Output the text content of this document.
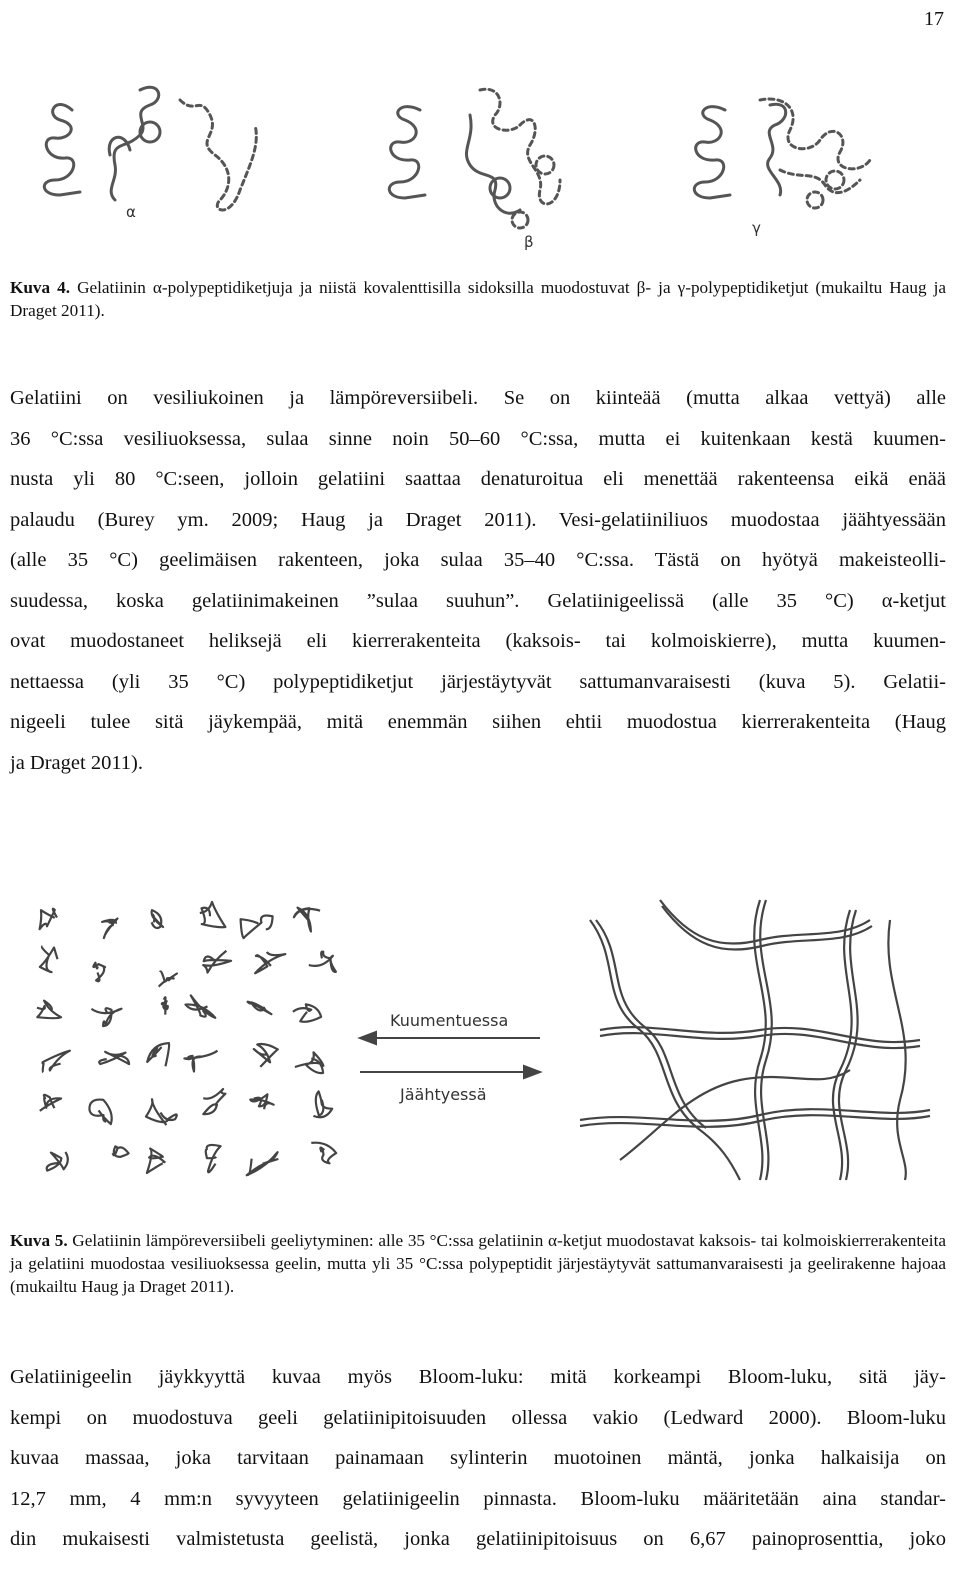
17
α
β
γ
Kuva 4. Gelatiinin α-polypeptidiketjuja ja niistä kovalenttisilla sidoksilla muodostuvat β- ja γ-polypeptidiketjut (mukailtu Haug ja Draget 2011).

Gelatiini on vesiliukoinen ja lämpöreversiibeli. Se on kiinteää (mutta alkaa vettyä) alle

36 °C:ssa vesiliuoksessa, sulaa sinne noin 50–60 °C:ssa, mutta ei kuitenkaan kestä kuumen-

nusta yli 80 °C:seen, jolloin gelatiini saattaa denaturoitua eli menettää rakenteensa eikä enää

palaudu (Burey ym. 2009; Haug ja Draget 2011). Vesi-gelatiiniliuos muodostaa jäähtyessään

(alle 35 °C) geelimäisen rakenteen, joka sulaa 35–40 °C:ssa. Tästä on hyötyä makeisteolli-

suudessa, koska gelatiinimakeinen ”sulaa suuhun”. Gelatiinigeelissä (alle 35 °C) α-ketjut

ovat muodostaneet heliksejä eli kierrerakenteita (kaksois- tai kolmoiskierre), mutta kuumen-

nettaessa (yli 35 °C) polypeptidiketjut järjestäytyvät sattumanvaraisesti (kuva 5). Gelatii-

nigeeli tulee sitä jäykempää, mitä enemmän siihen ehtii muodostua kierrerakenteita (Haug

ja Draget 2011).

Kuumentuessa
Jäähtyessä
Kuva 5. Gelatiinin lämpöreversiibeli geeliytyminen: alle 35 °C:ssa gelatiinin α-ketjut muodostavat kaksois- tai kolmoiskierrerakenteita ja gelatiini muodostaa vesiliuoksessa geelin, mutta yli 35 °C:ssa polypeptidit järjestäytyvät sattumanvaraisesti ja geelirakenne hajoaa (mukailtu Haug ja Draget 2011).

Gelatiinigeelin jäykkyyttä kuvaa myös Bloom-luku: mitä korkeampi Bloom-luku, sitä jäy-

kempi on muodostuva geeli gelatiinipitoisuuden ollessa vakio (Ledward 2000). Bloom-luku

kuvaa massaa, joka tarvitaan painamaan sylinterin muotoinen mäntä, jonka halkaisija on

12,7 mm, 4 mm:n syvyyteen gelatiinigeelin pinnasta. Bloom-luku määritetään aina standar-

din mukaisesti valmistetusta geelistä, jonka gelatiinipitoisuus on 6,67 painoprosenttia, joko
